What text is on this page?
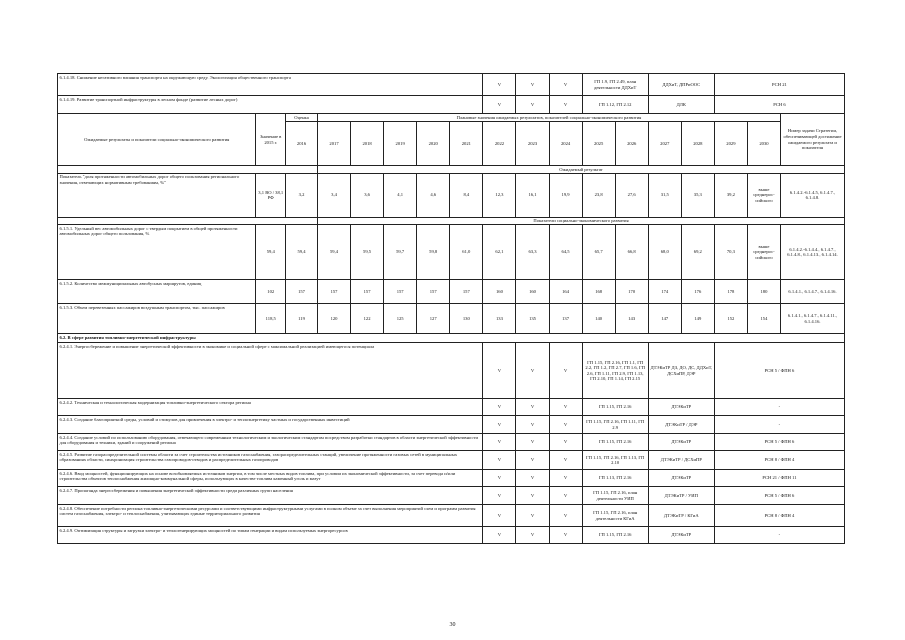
6.1.4.18. Снижение негативного влияния транспорта на окружающую среду. Экологизация общественного транспорта								V	V	V	ГП 1.9, ГП 2.49, план деятельности ДДХиТ		ДДХиТ, ДПРиООС		РСН 21		
6.1.4.19. Развитие транспортной инфраструктуры в лесном фонде (развитие лесных дорог)								V	V	V	ГП 1.12, ГП 2.12		ДЛК		РСН 6		
Ожидаемые результаты и показатели социально-экономического развития	Значение в 2015 г.	Оценка	Плановые значения ожидаемых результатов, показателей социально-экономического развития														Номер задачи Стратегии, обеспечивающей достижение ожидаемого результата и показателя
		2016	2017	2018	2019	2020	2021	2022	2023	2024	2025	2026	2027	2028	2029	2030	
			Ожидаемый результат														
Показатель "доля протяженности автомобильных дорог общего пользования регионального значения, отвечающих нормативным требованиям, %"	3,1 ВО / 38,1 РФ	3,2	3,4	3,6	4,1	4,6	8,4	12,3	16,1	19,9	23,8	27,6	31,5	35,3	39,2	выше среднерос-сийского	6.1.4.2.-6.1.4.5, 6.1.4.7., 6.1.4.8.
			Показатели социально-экономического развития														
6.1.5.1. Удельный вес автомобильных дорог с твердым покрытием в общей протяженности автомобильных дорог общего пользования, %	59,4	59,4	59,4	59,5	59,7	59,8	61,0	62,1	63,3	64,5	65,7	66,8	68,0	69,2	70,3	выше среднерос-сийского	6.1.4.2.-6.1.4.4., 6.1.4.7., 6.1.4.8., 6.1.4.13., 6.1.4.14.
6.1.5.2. Количество межмуниципальных автобусных маршрутов, единиц	102	157	157	157	157	157	157	160	160	164	168	170	174	176	178	180	6.1.4.1., 6.1.4.7., 6.1.4.16.
6.1.5.3. Объем перевезенных пассажиров воздушным транспортом, тыс. пассажиров	118,5	119	120	122	125	127	130	133	135	137	140	143	147	149	152	154	6.1.4.1., 6.1.4.7., 6.1.4.11., 6.1.4.16.
6.2. В сфере развития топливно-энергетической инфраструктуры																	
6.2.4.1. Энергосбережение и повышение энергетической эффективности в экономике и социальной сфере с максимальной реализацией имеющегося потенциала								V	V	V	ГП 1.15, ГП 2.16, ГП 1.1, ГП 2.2, ГП 1.2, ГП 2.7, ГП 1.6, ГП 2.6, ГП 1.11, ГП 2.9, ГП 1.13, ГП 2.10, ГП 1.14, ГП 2.15		ДТЭКиТР ДЗ, ДО, ДС, ДДХиТ, ДСХиПР, ДЭР		РСН 5 / ФПН 6		
6.2.4.2. Техническая и технологическая модернизация топливно-энергетического сектора региона								V	V	V	ГП 1.15, ГП 2.16		ДТЭКиТР		-		
6.2.4.3. Создание благоприятной среды, условий и стимулов для привлечения в электро- и теплоэнергетику частных и государственных инвестиций								V	V	V	ГП 1.15, ГП 2.16, ГП 1.11, ГП 2.9		ДТЭКиТР / ДЭР		-		
6.2.4.4. Создание условий по использованию оборудования, отвечающего современным технологическим и экологическим стандартам посредством разработки стандартов в области энергетической эффективности для оборудования и техники, зданий и сооружений региона								V	V	V	ГП 1.15, ГП 2.16		ДТЭКиТР		РСН 5 / ФПН 6		
6.2.4.5. Развитие газораспределительной системы области за счет строительства источников газоснабжения, газораспределительных станций, увеличение протяженности газовых сетей в муниципальных образованиях области, синхронизация строительства газопроводов-отводов и распределительных газопроводов								V	V	V	ГП 1.15, ГП 2.16, ГП 1.13, ГП 2.10		ДТЭКиТР / ДСХиПР		РСН 8 / ФПН 4		
6.2.4.6. Ввод мощностей, функционирующих на основе возобновляемых источников энергии, в том числе местных видов топлива, при условии их экономической эффективности, за счет перевода и/или строительства объектов теплоснабжения жилищно-коммунальной сферы, использующих в качестве топлива каменный уголь и мазут								V	V	V	ГП 1.13, ГП 2.16		ДТЭКиТР		РСН 21 / ФПН 11		
6.2.4.7. Пропаганда энергосбережения и повышения энергетической эффективности среди различных групп населения								V	V	V	ГП 1.15, ГП 2.16, план деятельности УИП		ДТЭКиТР / УИП		РСН 5 / ФПН 6		
6.2.4.8. Обеспечение потребности региона топливно-энергетическими ресурсами и соответствующими инфраструктурными услугами в полном объеме за счет выполнения мероприятий схем и программ развития систем газоснабжения, электро- и теплоснабжения, учитывающих единые территориального развития								V	V	V	ГП 1.15, ГП 2.16, план деятельности КГиА		ДТЭКиТР / КГиА		РСН 8 / ФПН 4		
6.2.4.9. Оптимизация структуры и загрузки электро- и теплогенерирующих мощностей по типам генерации и видам используемых энергоресурсов								V	V	V	ГП 1.15, ГП 2.16		ДТЭКиТР		-		
30
